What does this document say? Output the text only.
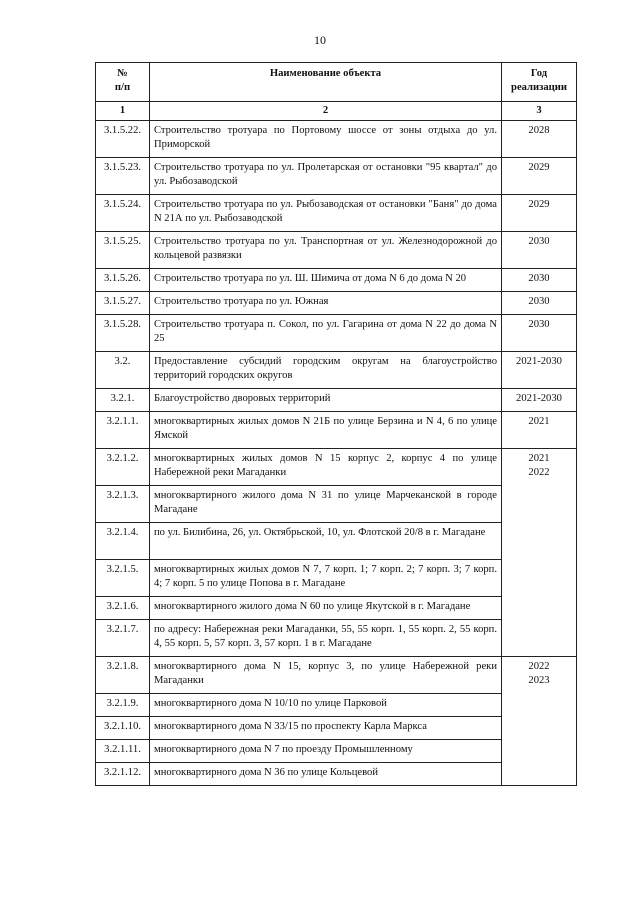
10
№
п/п	Наименование объекта	Год
реализации
1	2	3
3.1.5.22.	Строительство тротуара по Портовому шоссе от зоны отдыха до ул. Приморской	2028

3.1.5.23.	Строительство тротуара по ул. Пролетарская от остановки "95 квартал" до ул. Рыбозаводской	2029

3.1.5.24.	Строительство тротуара по ул. Рыбозаводская от остановки "Баня" до дома N 21А по ул. Рыбозаводской	2029

3.1.5.25.	Строительство тротуара по ул. Транспортная от ул. Железнодорожной до кольцевой развязки	2030

3.1.5.26.	Строительство тротуара по ул. Ш. Шимича от дома N 6 до дома N 20	2030

3.1.5.27.	Строительство тротуара по ул. Южная	2030

3.1.5.28.	Строительство тротуара п. Сокол, по ул. Гагарина от дома N 22 до дома N 25	2030

3.2.	Предоставление субсидий городским округам на благоустройство территорий городских округов	2021-2030

3.2.1.	Благоустройство дворовых территорий	2021-2030

3.2.1.1.	многоквартирных жилых домов N 21Б по улице Берзина и N 4, 6 по улице Ямской	2021

3.2.1.2.	многоквартирных жилых домов N 15 корпус 2, корпус 4 по улице Набережной реки Магаданки	2021
2022

3.2.1.3.	многоквартирного жилого дома N 31 по улице Марчеканской в городе Магадане	
3.2.1.4.	по ул. Билибина, 26, ул. Октябрьской, 10, ул. Флотской 20/8 в г. Магадане	
3.2.1.5.	многоквартирных жилых домов N 7, 7 корп. 1; 7 корп. 2; 7 корп. 3; 7 корп. 4; 7 корп. 5 по улице Попова в г. Магадане	
3.2.1.6.	многоквартирного жилого дома N 60 по улице Якутской в г. Магадане	
3.2.1.7.	по адресу: Набережная реки Магаданки, 55, 55 корп. 1, 55 корп. 2, 55 корп. 4, 55 корп. 5, 57 корп. 3, 57 корп. 1 в г. Магадане	
3.2.1.8.	многоквартирного дома N 15, корпус 3, по улице Набережной реки Магаданки	2022
2023

3.2.1.9.	многоквартирного дома N 10/10 по улице Парковой	
3.2.1.10.	многоквартирного дома N 33/15 по проспекту Карла Маркса	
3.2.1.11.	многоквартирного дома N 7 по проезду Промышленному	
3.2.1.12.	многоквартирного дома N 36 по улице Кольцевой	
